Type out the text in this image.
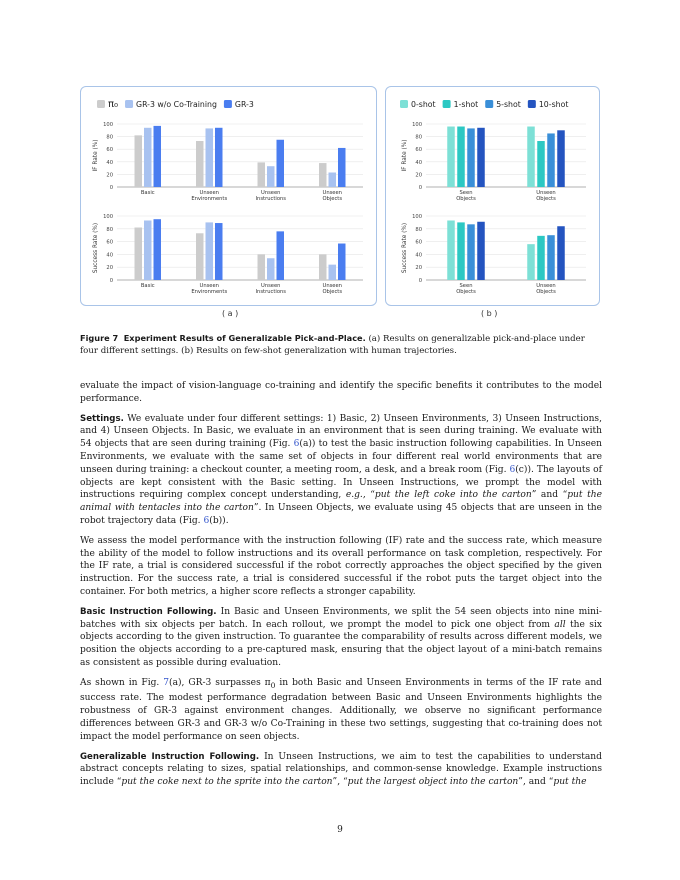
π₀ GR-3 w/o Co-Training GR-3
0
20
40
60
80
100
IF Rate (%)
Basic	Unseen
Environments
Unseen
Instructions
Unseen
Objects
0
20
40
60
80
100
Success Rate (%)
Basic	Unseen
Environments
Unseen
Instructions
Unseen
Objects
0-shot 1-shot 5-shot 10-shot
0
20
40
60
80
100
IF Rate (%)
Seen
Objects
Unseen
Objects
0
20
40
60
80
100
Success Rate (%)
Seen
Objects
Unseen
Objects
( a )	( b )
Figure 7 Experiment Results of Generalizable Pick-and-Place. (a) Results on generalizable pick-and-place under four different settings. (b) Results on few-shot generalization with human trajectories.

evaluate the impact of vision-language co-training and identify the specific benefits it contributes to the model performance.

Settings. We evaluate under four different settings: 1) Basic, 2) Unseen Environments, 3) Unseen Instructions, and 4) Unseen Objects. In Basic, we evaluate in an environment that is seen during training. We evaluate with 54 objects that are seen during training (Fig. 6(a)) to test the basic instruction following capabilities. In Unseen Environments, we evaluate with the same set of objects in four different real world environments that are unseen during training: a checkout counter, a meeting room, a desk, and a break room (Fig. 6(c)). The layouts of objects are kept consistent with the Basic setting. In Unseen Instructions, we prompt the model with instructions requiring complex concept understanding, e.g., “put the left coke into the carton” and “put the animal with tentacles into the carton”. In Unseen Objects, we evaluate using 45 objects that are unseen in the robot trajectory data (Fig. 6(b)).

We assess the model performance with the instruction following (IF) rate and the success rate, which measure the ability of the model to follow instructions and its overall performance on task completion, respectively. For the IF rate, a trial is considered successful if the robot correctly approaches the object specified by the given instruction. For the success rate, a trial is considered successful if the robot puts the target object into the container. For both metrics, a higher score reflects a stronger capability.

Basic Instruction Following. In Basic and Unseen Environments, we split the 54 seen objects into nine mini-batches with six objects per batch. In each rollout, we prompt the model to pick one object from all the six objects according to the given instruction. To guarantee the comparability of results across different models, we position the objects according to a pre-captured mask, ensuring that the object layout of a mini-batch remains as consistent as possible during evaluation.

As shown in Fig. 7(a), GR-3 surpasses $\pi_0$ in both Basic and Unseen Environments in terms of the IF rate and success rate. The modest performance degradation between Basic and Unseen Environments highlights the robustness of GR-3 against environment changes. Additionally, we observe no significant performance differences between GR-3 and GR-3 w/o Co-Training in these two settings, suggesting that co-training does not impact the model performance on seen objects.

Generalizable Instruction Following. In Unseen Instructions, we aim to test the capabilities to understand abstract concepts relating to sizes, spatial relationships, and common-sense knowledge. Example instructions include “put the coke next to the sprite into the carton”, “put the largest object into the carton”, and “put the

9
